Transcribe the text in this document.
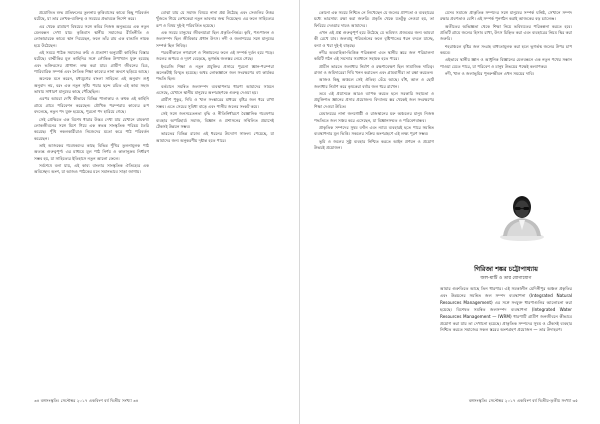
প্রযোজিত শুদ্ধ প্রতিফলের তুলনায় কৃত্তিবাসের কাব্যে কিছু পরিবর্তন ঘটেছে, যা তার লেখক-ব্যক্তিত্ব ও সময়ের প্রভাবকে নির্দেশ করে।

এর থেকে রামায়ণ বিষয়ের সঙ্গে কবির নিজস্ব অনুভবের এক নতুন মেলবন্ধন দেখা যায়। কৃত্তিবাস স্থানীয় সমাজের রীতিনীতি ও লোকাচারকে কাব্যে স্থান দিয়েছেন, ফলে তাঁর রাম এক বাঙালি নায়ক হয়ে উঠেছেন।

এই সময়ে পাঠক সমাজের রুচি ও প্রত্যাশা অনুযায়ী কাহিনির বিস্তার ঘটেছে। বাল্মীকির মূল কাহিনির সঙ্গে লৌকিক উপাখ্যান যুক্ত হয়েছে এবং ভক্তিরসের প্রাধান্য লক্ষ করা যায়। গ্রামীণ জীবনের চিত্র, পারিবারিক সম্পর্ক এবং নৈতিক শিক্ষা কাব্যের নানা অংশে ছড়িয়ে আছে।

অনেকে মনে করেন, মধ্যযুগের বাংলা সাহিত্যে এই অনুবাদ শুধু অনুবাদ নয়, বরং এক নতুন সৃষ্টি। পয়ার ছন্দে রচিত এই কাব্য সহজ ভাষায় সাধারণ মানুষের কাছে পৌঁছেছিল।

এরপর আমরা দেখি কীভাবে বিভিন্ন পালাকার ও কথক এই কাহিনি গ্রামে গ্রামে পরিবেশন করেছেন। মৌখিক পরম্পরায় কাব্যের রূপ বদলেছে, নতুন পদ যুক্ত হয়েছে, পুরনো পদ হারিয়ে গেছে।

সেই প্রেক্ষিতে এক বিশেষ ধারার উদ্ভব দেখা যায় যেখানে রামকথা লোকজীবনের সঙ্গে মিশে গিয়ে এক স্বতন্ত্র সাংস্কৃতিক পরিচয় তৈরি করেছে। পুঁথি নকলকারীরাও নিজেদের মতো করে পাঠ পরিবর্তন করেছেন।

তাই আজকের গবেষকদের কাছে বিভিন্ন পুঁথির তুলনামূলক পাঠ অত্যন্ত গুরুত্বপূর্ণ। এর মাধ্যমে মূল পাঠ নির্ণয় ও কালানুক্রম নির্ধারণ সম্ভব হয়, যা সাহিত্যের ইতিহাসে নতুন আলো ফেলে।

সর্বশেষে বলা যায়, এই কাব্য বাংলার সাংস্কৃতিক ঐতিহ্যের এক অবিচ্ছেদ্য অংশ, যা আজও পাঠকের মনে সমানভাবে সাড়া জাগায়।

বোঝা যায় যে সমাজ বিষয়ে নানা প্রশ্ন উঠেছে এবং সেগুলির উত্তর খুঁজতে গিয়ে লেখকেরা নতুন ভাবনার জন্ম দিয়েছেন। এর ফলে সাহিত্যের রূপ ও বিষয় দুই-ই পরিবর্তিত হয়েছে।

এক সময়ে মানুষের জীবনযাত্রা ছিল প্রকৃতি-নির্ভর। কৃষি, পশুপালন ও জলসম্পদ ছিল জীবিকার প্রধান উৎস। নদী ও জলাশয়ের সঙ্গে মানুষের সম্পর্ক ছিল নিবিড়।

পরবর্তীকালে নগরায়ণ ও শিল্পায়নের ফলে এই সম্পর্ক দুর্বল হয়ে পড়ে। জলের অপচয় ও দূষণ বেড়েছে, ভূগর্ভস্থ জলস্তর নেমে গেছে।

ইংরেজি শিক্ষা ও নতুন প্রযুক্তির প্রসারে পুরনো জ্ঞান-পরম্পরা অনেকটাই বিস্মৃত হয়েছে। অথচ লোকজ্ঞানে জল সংরক্ষণের বহু কার্যকর পদ্ধতি ছিল।

বর্তমানে সমন্বিত জলসম্পদ ব্যবস্থাপনার ধারণা আমাদের সামনে এসেছে, যেখানে স্থানীয় মানুষের অংশগ্রহণকে গুরুত্ব দেওয়া হয়।

গ্রামীণ পুকুর, দিঘি ও খাল সংস্কারের মাধ্যমে বৃষ্টির জল ধরে রাখা সম্ভব। এতে সেচের সুবিধা বাড়ে এবং পানীয় জলের সংকট কমে।

সেই সঙ্গে জনসচেতনতা বৃদ্ধি ও নীতিনির্ধারণে বৈজ্ঞানিক গবেষণার ব্যবহার অপরিহার্য। সমাজ, বিজ্ঞান ও প্রশাসনের সম্মিলিত প্রয়াসেই টেকসই উন্নয়ন সম্ভব।

ভারতের বিভিন্ন রাজ্যে এই ধরনের উদ্যোগ সাফল্য পেয়েছে, যা আমাদের জন্য অনুকরণীয় দৃষ্টান্ত হতে পারে।

৩৪ বঙ্গসংস্কৃতি। সেপ্টেম্বর ২০১৭ একবিংশ বর্ষ দ্বিতীয় সংখ্যা ৩৪

কোনো এক সময়ে নিশ্চিত নে লিখেছেন যে জলের প্রাপ্যতা ও ব্যবহারের মধ্যে ভারসাম্য রক্ষা করা জরুরি। প্রকৃতি থেকে যতটুকু নেওয়া হয়, তা ফিরিয়ে দেওয়ার দায়ও আমাদের।

এখন এই প্রশ্ন গুরুত্বপূর্ণ হয়ে উঠেছে যে ভবিষ্যৎ প্রজন্মের জন্য আমরা কী রেখে যাব। জলবায়ু পরিবর্তনের ফলে বৃষ্টিপাতের ধরন বদলে যাচ্ছে, বন্যা ও খরা দুই-ই বাড়ছে।

নদীর অববাহিকা-ভিত্তিক পরিকল্পনা এবং স্থানীয় স্তরে জল পরিচালনা কমিটি গঠন এই সমস্যার সমাধানে সহায়ক হতে পারে।

প্রাচীন ভারতে জলাধার নির্মাণ ও রক্ষণাবেক্ষণ ছিল সামাজিক দায়িত্ব। রাজা ও জমিদারেরা দিঘি খনন করাতেন এবং গ্রামবাসীরা তা রক্ষা করতেন।

আজও কিছু অঞ্চলে সেই ঐতিহ্য বেঁচে আছে। বাঁধ, আল ও ছোট জলাধার নির্মাণ করে কৃষকেরা বর্ষার জল ধরে রাখেন।

তবে এই প্রয়াসকে আরও ব্যাপক করতে হলে সরকারি সহায়তা ও প্রযুক্তিগত জ্ঞানের প্রসার প্রয়োজন। বিদ্যালয় স্তর থেকেই জল সংরক্ষণের শিক্ষা দেওয়া উচিত।

মেঘালয়ের নানা জনগোষ্ঠী ও রাজস্থানের মরু অঞ্চলের মানুষ নিজস্ব পদ্ধতিতে জল সঞ্চয় করে এসেছেন, যা বিজ্ঞানসম্মত ও পরিবেশবান্ধব।

প্রাকৃতিক সম্পদের সুষম বণ্টন এবং ন্যায্য ব্যবহারই হতে পারে সমন্বিত ব্যবস্থাপনার মূল ভিত্তি। সকলের সক্রিয় অংশগ্রহণে এই লক্ষ্য পূরণ সম্ভব।

ভূমি ও জলের সুষ্ঠু ব্যবহার নিশ্চিত করতে আইন প্রণয়ন ও প্রয়োগ উভয়ই প্রয়োজন।

যেসব সমাজে প্রাকৃতিক সম্পদের সঙ্গে মানুষের সম্পর্ক ঘনিষ্ঠ, সেখানে সম্পদ রক্ষার প্রবণতাও বেশি। এই সম্পর্ক পুনর্গঠন করাই আজকের বড় চ্যালেঞ্জ।

অতীতের অভিজ্ঞতা থেকে শিক্ষা নিয়ে ভবিষ্যতের পরিকল্পনা করতে হবে। প্রতিটি গ্রামে জলের হিসাব রাখা, উৎস চিহ্নিত করা এবং ব্যবহারের নিয়ম স্থির করা জরুরি।

শহরাঞ্চলে বৃষ্টির জল সংগ্রহ বাধ্যতামূলক করা হলে ভূগর্ভস্থ জলের উপর চাপ কমবে।

এইভাবে স্থানীয় জ্ঞান ও আধুনিক বিজ্ঞানের মেলবন্ধনে এক নতুন পথের সন্ধান পাওয়া যেতে পারে, যা পরিবেশ ও মানুষ উভয়ের পক্ষেই কল্যাণকর।

নদী, খাল ও জলাভূমির পুনরুজ্জীবন এখন সময়ের দাবি।

গিরিজা শঙ্কর চট্টোপাধ্যায়
জল-মাটি ও তার যোগাযোগ
আমার গুরুতিতে আছে তিন ধারণার। এই সমকালীন মেদিনীপুর অঞ্চল প্রকৃতির এবং উন্নয়নের সমন্বিত জল সম্পদ ব্যবস্থাপনা (Integrated Natural Resources Management) এর সঙ্গে সংযুক্ত ধারণাগুলির আলোচনা করা হয়েছে। বিশেষত সমন্বিত জলসম্পদ ব্যবস্থাপনা (Integrated Water Resources Management — IWRM) ধারণাটি গ্রামীণ জনজীবনে কীভাবে প্রয়োগ করা যায় তা দেখানো হয়েছে। প্রাকৃতিক সম্পদের সুষম ও টেকসই ব্যবহার নিশ্চিত করতে সমাজের সকল স্তরের অংশগ্রহণ প্রয়োজন — তার উদাহরণ।
বঙ্গসংস্কৃতি। সেপ্টেম্বর ২০১৭ একবিংশ বর্ষ দ্বিতীয়-তৃতীয় সংখ্যা ৩৫
